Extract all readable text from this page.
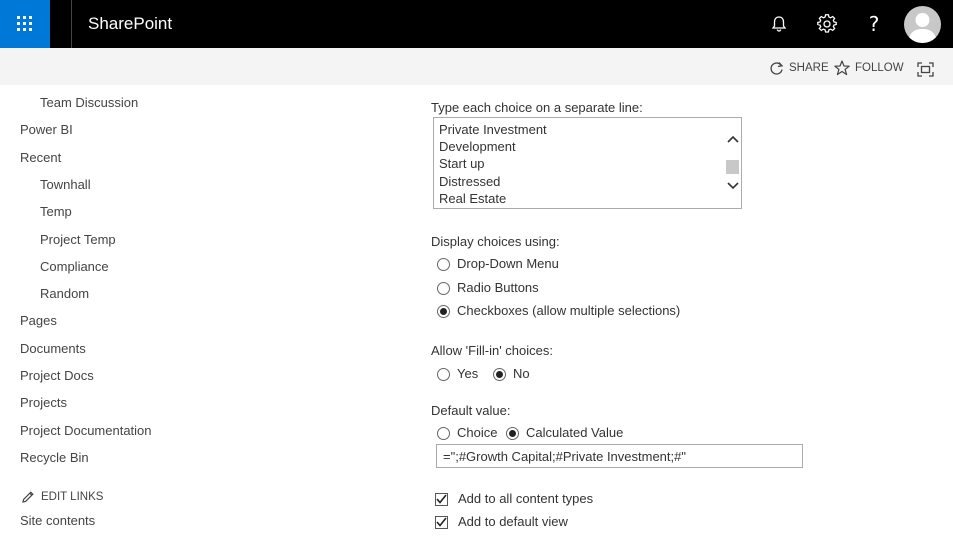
SharePoint	?
SHARE FOLLOW
Team Discussion
Power BI
Recent
Townhall
Temp
Project Temp
Compliance
Random
Pages
Documents
Project Docs
Projects
Project Documentation
Recycle Bin
EDIT LINKS
Site contents
Type each choice on a separate line:
Private Investment
Development
Start up
Distressed
Real Estate
Display choices using:
Drop-Down Menu
Radio Buttons
Checkboxes (allow multiple selections)
Allow 'Fill-in' choices:
Yes	No
Default value:
Choice Calculated Value
=";#Growth Capital;#Private Investment;#"
Add to all content types
Add to default view
